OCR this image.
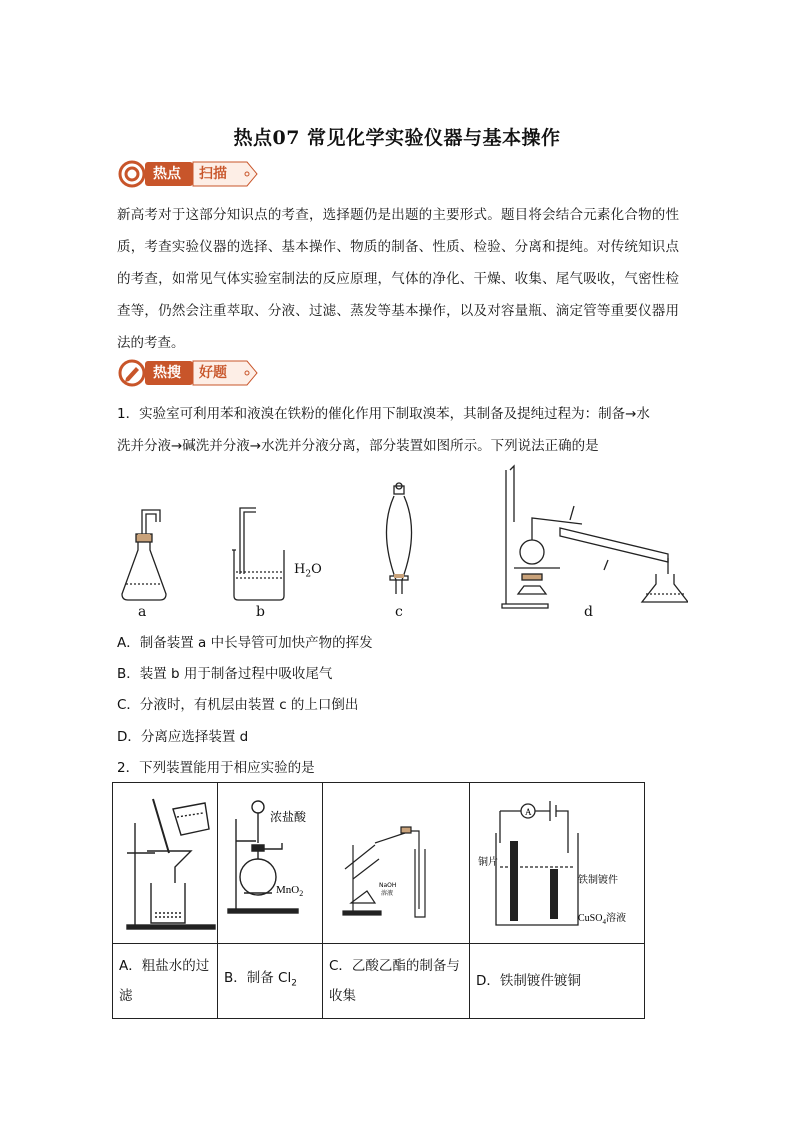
热点07 常见化学实验仪器与基本操作
热点 扫描
新高考对于这部分知识点的考查，选择题仍是出题的主要形式。题目将会结合元素化合物的性质，考查实验仪器的选择、基本操作、物质的制备、性质、检验、分离和提纯。对传统知识点的考查，如常见气体实验室制法的反应原理，气体的净化、干燥、收集、尾气吸收，气密性检查等，仍然会注重萃取、分液、过滤、蒸发等基本操作，以及对容量瓶、滴定管等重要仪器用法的考查。
热搜 好题
1．实验室可利用苯和液溴在铁粉的催化作用下制取溴苯，其制备及提纯过程为：制备→水
洗并分液→碱洗并分液→水洗并分液分离，部分装置如图所示。下列说法正确的是
a	b	c	d
$H_2O$
A．制备装置 a 中长导管可加快产物的挥发
B．装置 b 用于制备过程中吸收尾气
C．分液时，有机层由装置 c 的上口倒出
D．分离应选择装置 d
2．下列装置能用于相应实验的是

浓盐酸
MnO$_2$	NaOH
溶液	A
铜片
铁制镀件
CuSO$_4$溶液

A．粗盐水的过滤	B．制备 $Cl_2$	C．乙酸乙酯的制备与收集	D．铁制镀件镀铜
